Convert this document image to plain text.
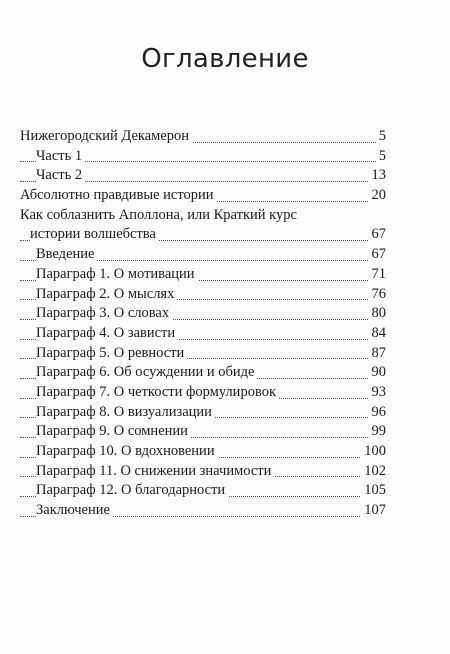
Оглавление
Нижегородский Декамерон	5
Часть 1	5
Часть 2	13
Абсолютно правдивые истории	20
Как соблазнить Аполлона, или Краткий курс
истории волшебства	67
Введение	67
Параграф 1. О мотивации	71
Параграф 2. О мыслях	76
Параграф 3. О словах	80
Параграф 4. О зависти	84
Параграф 5. О ревности	87
Параграф 6. Об осуждении и обиде	90
Параграф 7. О четкости формулировок	93
Параграф 8. О визуализации	96
Параграф 9. О сомнении	99
Параграф 10. О вдохновении	100
Параграф 11. О снижении значимости	102
Параграф 12. О благодарности	105
Заключение	107
